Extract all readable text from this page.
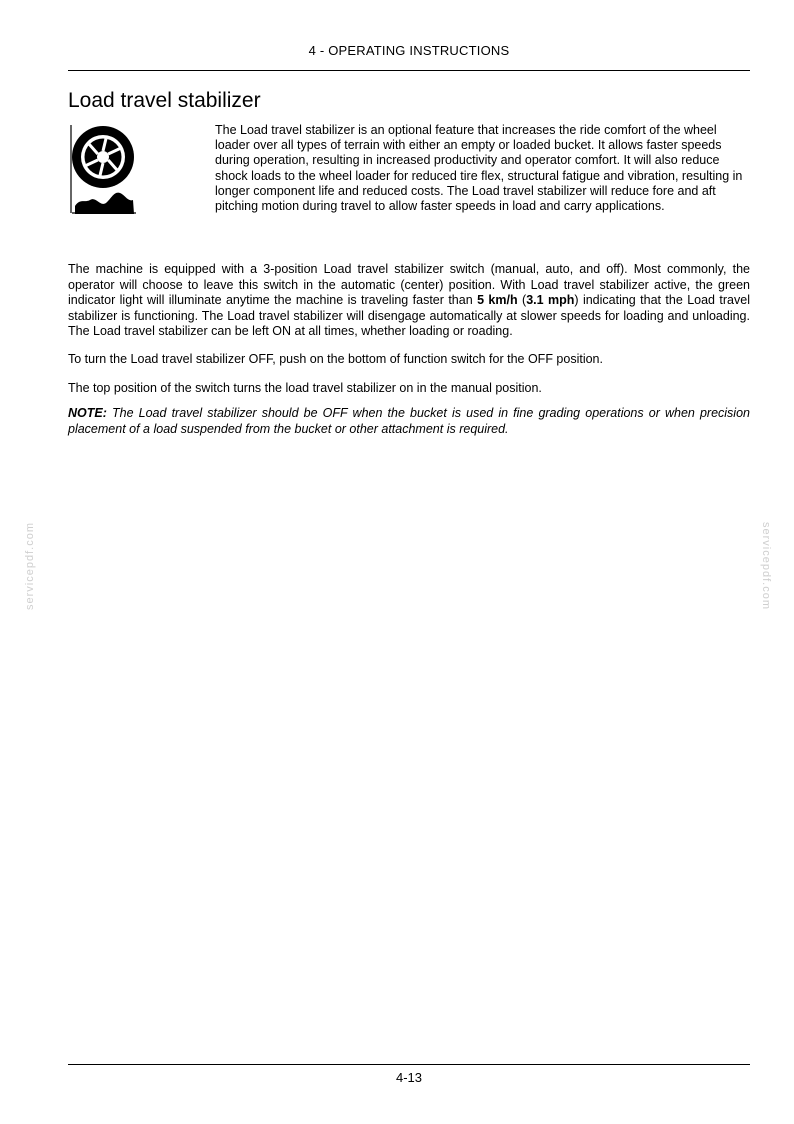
4 - OPERATING INSTRUCTIONS
Load travel stabilizer
The Load travel stabilizer is an optional feature that increases the ride comfort of the wheel loader over all types of terrain with either an empty or loaded bucket. It allows faster speeds during operation, resulting in increased productivity and operator comfort. It will also reduce shock loads to the wheel loader for reduced tire flex, structural fatigue and vibration, resulting in longer component life and reduced costs. The Load travel stabilizer will reduce fore and aft pitching motion during travel to allow faster speeds in load and carry applications.
The machine is equipped with a 3-position Load travel stabilizer switch (manual, auto, and off). Most commonly, the operator will choose to leave this switch in the automatic (center) position. With Load travel stabilizer active, the green indicator light will illuminate anytime the machine is traveling faster than 5 km/h (3.1 mph) indicating that the Load travel stabilizer is functioning. The Load travel stabilizer will disengage automatically at slower speeds for loading and unloading. The Load travel stabilizer can be left ON at all times, whether loading or roading.
To turn the Load travel stabilizer OFF, push on the bottom of function switch for the OFF position.
The top position of the switch turns the load travel stabilizer on in the manual position.
NOTE: The Load travel stabilizer should be OFF when the bucket is used in fine grading operations or when precision placement of a load suspended from the bucket or other attachment is required.
servicepdf.com	servicepdf.com
4-13
